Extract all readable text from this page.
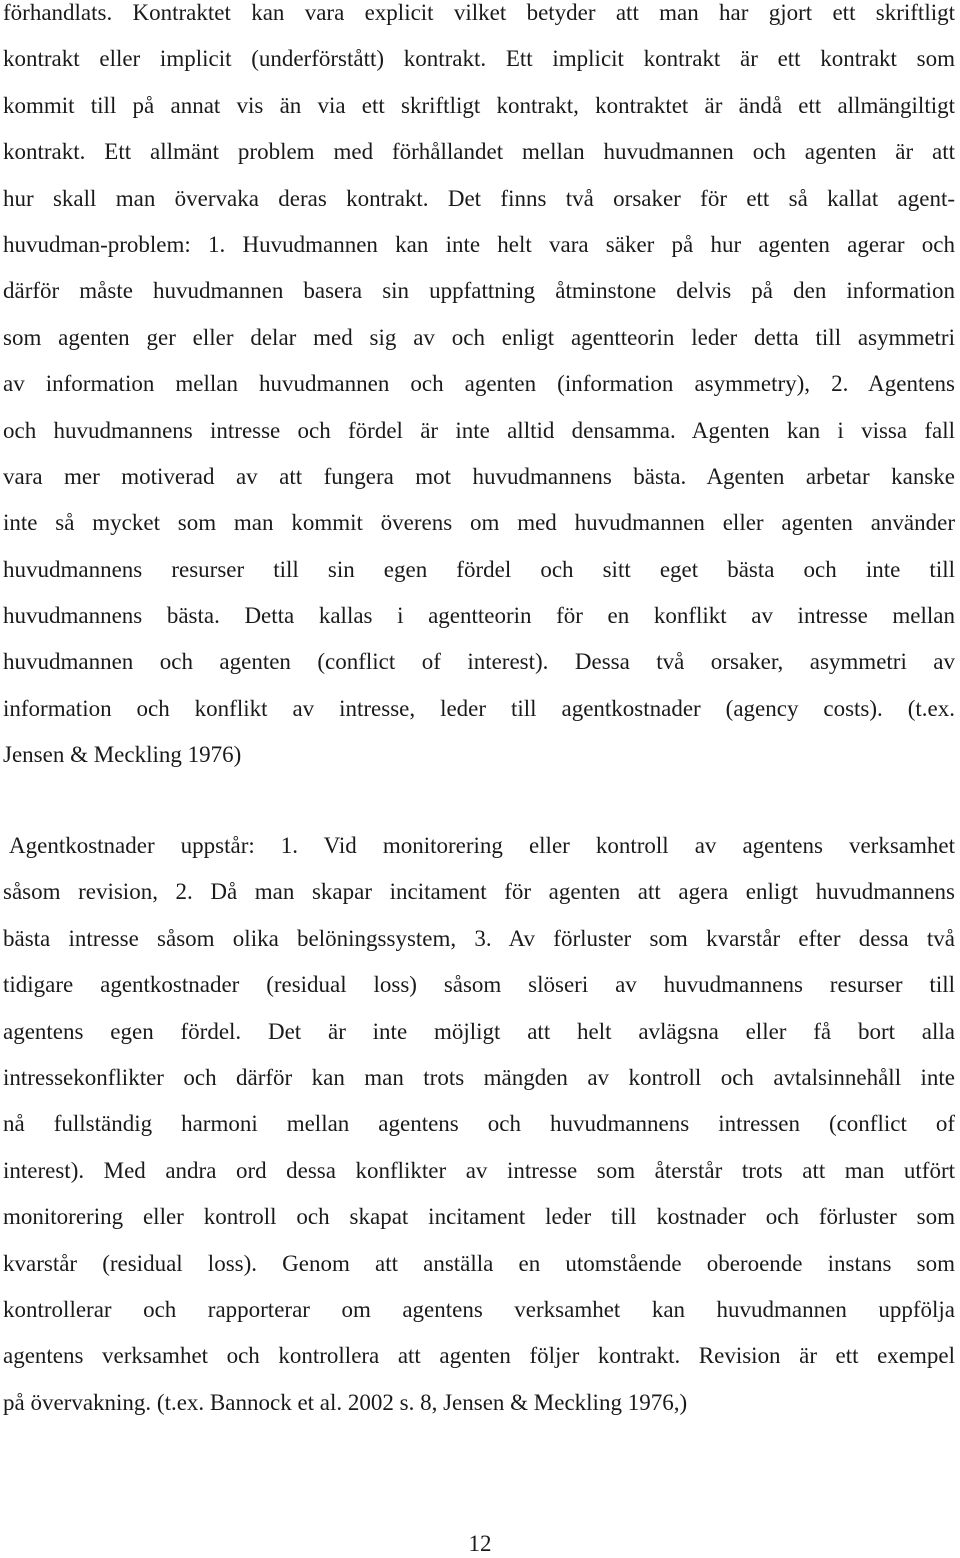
förhandlats. Kontraktet kan vara explicit vilket betyder att man har gjort ett skriftligt
kontrakt eller implicit (underförstått) kontrakt. Ett implicit kontrakt är ett kontrakt som
kommit till på annat vis än via ett skriftligt kontrakt, kontraktet är ändå ett allmängiltigt
kontrakt. Ett allmänt problem med förhållandet mellan huvudmannen och agenten är att
hur skall man övervaka deras kontrakt. Det finns två orsaker för ett så kallat agent-
huvudman-problem: 1. Huvudmannen kan inte helt vara säker på hur agenten agerar och
därför måste huvudmannen basera sin uppfattning åtminstone delvis på den information
som agenten ger eller delar med sig av och enligt agentteorin leder detta till asymmetri
av information mellan huvudmannen och agenten (information asymmetry), 2. Agentens
och huvudmannens intresse och fördel är inte alltid densamma. Agenten kan i vissa fall
vara mer motiverad av att fungera mot huvudmannens bästa. Agenten arbetar kanske
inte så mycket som man kommit överens om med huvudmannen eller agenten använder
huvudmannens resurser till sin egen fördel och sitt eget bästa och inte till
huvudmannens bästa. Detta kallas i agentteorin för en konflikt av intresse mellan
huvudmannen och agenten (conflict of interest). Dessa två orsaker, asymmetri av
information och konflikt av intresse, leder till agentkostnader (agency costs). (t.ex.
Jensen & Meckling 1976)
Agentkostnader uppstår: 1. Vid monitorering eller kontroll av agentens verksamhet
såsom revision, 2. Då man skapar incitament för agenten att agera enligt huvudmannens
bästa intresse såsom olika belöningssystem, 3. Av förluster som kvarstår efter dessa två
tidigare agentkostnader (residual loss) såsom slöseri av huvudmannens resurser till
agentens egen fördel. Det är inte möjligt att helt avlägsna eller få bort alla
intressekonflikter och därför kan man trots mängden av kontroll och avtalsinnehåll inte
nå fullständig harmoni mellan agentens och huvudmannens intressen (conflict of
interest). Med andra ord dessa konflikter av intresse som återstår trots att man utfört
monitorering eller kontroll och skapat incitament leder till kostnader och förluster som
kvarstår (residual loss). Genom att anställa en utomstående oberoende instans som
kontrollerar och rapporterar om agentens verksamhet kan huvudmannen uppfölja
agentens verksamhet och kontrollera att agenten följer kontrakt. Revision är ett exempel
på övervakning. (t.ex. Bannock et al. 2002 s. 8, Jensen & Meckling 1976,)
12
